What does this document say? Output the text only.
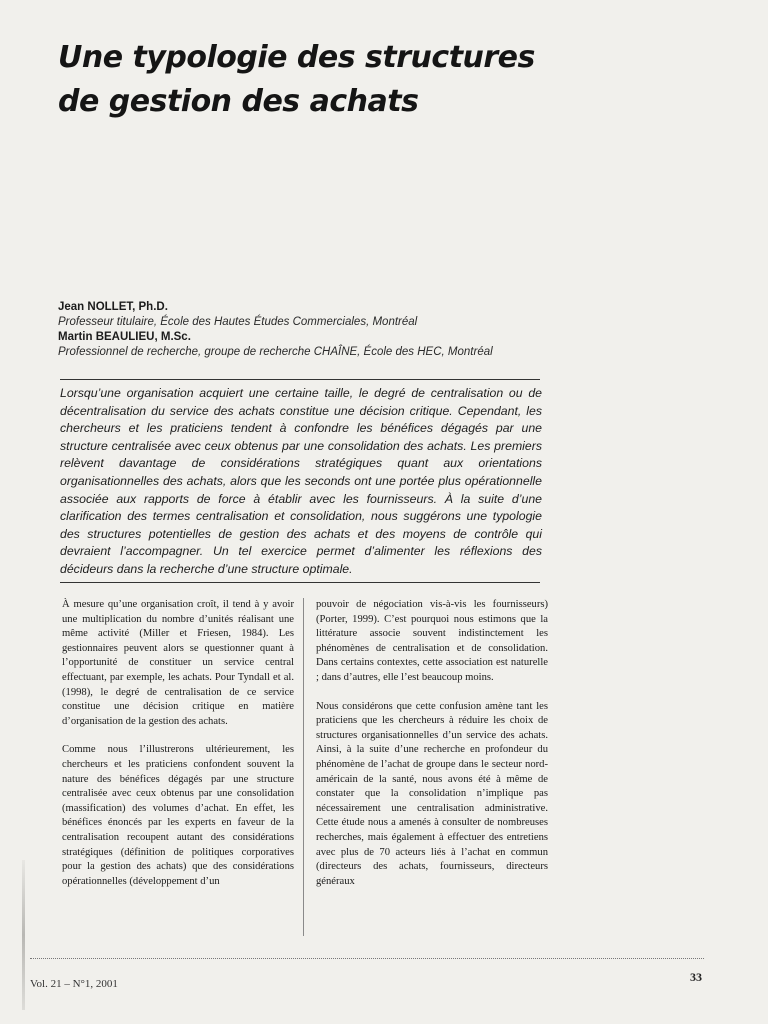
Une typologie des structures
de gestion des achats
Jean NOLLET, Ph.D.
Professeur titulaire, École des Hautes Études Commerciales, Montréal
Martin BEAULIEU, M.Sc.
Professionnel de recherche, groupe de recherche CHAÎNE, École des HEC, Montréal

Lorsqu’une organisation acquiert une certaine taille, le degré de centralisation ou de décentralisation du service des achats constitue une décision critique. Cependant, les chercheurs et les praticiens tendent à confondre les bénéfices dégagés par une structure centralisée avec ceux obtenus par une consolidation des achats. Les premiers relèvent davantage de considérations stratégiques quant aux orientations organisationnelles des achats, alors que les seconds ont une portée plus opérationnelle associée aux rapports de force à établir avec les fournisseurs. À la suite d’une clarification des termes centralisation et consolidation, nous suggérons une typologie des structures potentielles de gestion des achats et des moyens de contrôle qui devraient l’accompagner. Un tel exercice permet d’alimenter les réflexions des décideurs dans la recherche d’une structure optimale.

À mesure qu’une organisation croît, il tend à y avoir une multiplication du nombre d’unités réalisant une même activité (Miller et Friesen, 1984). Les gestionnaires peuvent alors se questionner quant à l’opportunité de constituer un service central effectuant, par exemple, les achats. Pour Tyndall et al. (1998), le degré de centralisation de ce service constitue une décision critique en matière d’organisation de la gestion des achats.

Comme nous l’illustrerons ultérieurement, les chercheurs et les praticiens confondent souvent la nature des bénéfices dégagés par une structure centralisée avec ceux obtenus par une consolidation (massification) des volumes d’achat. En effet, les bénéfices énoncés par les experts en faveur de la centralisation recoupent autant des considérations stratégiques (définition de politiques corporatives pour la gestion des achats) que des considérations opérationnelles (développement d’un

pouvoir de négociation vis-à-vis les fournisseurs) (Porter, 1999). C’est pourquoi nous estimons que la littérature associe souvent indistinctement les phénomènes de centralisation et de consolidation. Dans certains contextes, cette association est naturelle ; dans d’autres, elle l’est beaucoup moins.

Nous considérons que cette confusion amène tant les praticiens que les chercheurs à réduire les choix de structures organisationnelles d’un service des achats. Ainsi, à la suite d’une recherche en profondeur du phénomène de l’achat de groupe dans le secteur nord-américain de la santé, nous avons été à même de constater que la consolidation n’implique pas nécessairement une centralisation administrative. Cette étude nous a amenés à consulter de nombreuses recherches, mais également à effectuer des entretiens avec plus de 70 acteurs liés à l’achat en commun (directeurs des achats, fournisseurs, directeurs généraux

Vol. 21 – N°1, 2001	33
